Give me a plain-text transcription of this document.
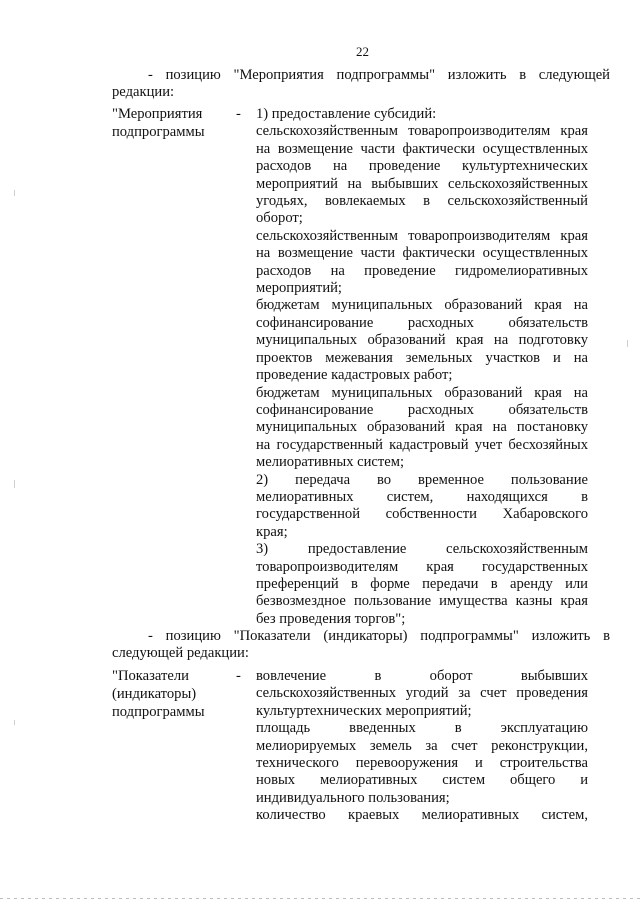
22
- позицию "Мероприятия подпрограммы" изложить в следующей
редакции:
"Мероприятия
подпрограммы
- 1) предоставление субсидий:
сельскохозяйственным товаропроизводителям края
на возмещение части фактически осуществленных
расходов на проведение культуртехнических
мероприятий на выбывших сельскохозяйственных
угодьях, вовлекаемых в сельскохозяйственный
оборот;
сельскохозяйственным товаропроизводителям края
на возмещение части фактически осуществленных
расходов на проведение гидромелиоративных
мероприятий;
бюджетам муниципальных образований края на
софинансирование расходных обязательств
муниципальных образований края на подготовку
проектов межевания земельных участков и на
проведение кадастровых работ;
бюджетам муниципальных образований края на
софинансирование расходных обязательств
муниципальных образований края на постановку
на государственный кадастровый учет бесхозяйных
мелиоративных систем;
2) передача во временное пользование
мелиоративных систем, находящихся в
государственной собственности Хабаровского
края;
3) предоставление сельскохозяйственным
товаропроизводителям края государственных
преференций в форме передачи в аренду или
безвозмездное пользование имущества казны края
без проведения торгов";
- позицию "Показатели (индикаторы) подпрограммы" изложить в
следующей редакции:
"Показатели
(индикаторы)
подпрограммы
- вовлечение в оборот выбывших
сельскохозяйственных угодий за счет проведения
культуртехнических мероприятий;
площадь введенных в эксплуатацию
мелиорируемых земель за счет реконструкции,
технического перевооружения и строительства
новых мелиоративных систем общего и
индивидуального пользования;
количество краевых мелиоративных систем,
